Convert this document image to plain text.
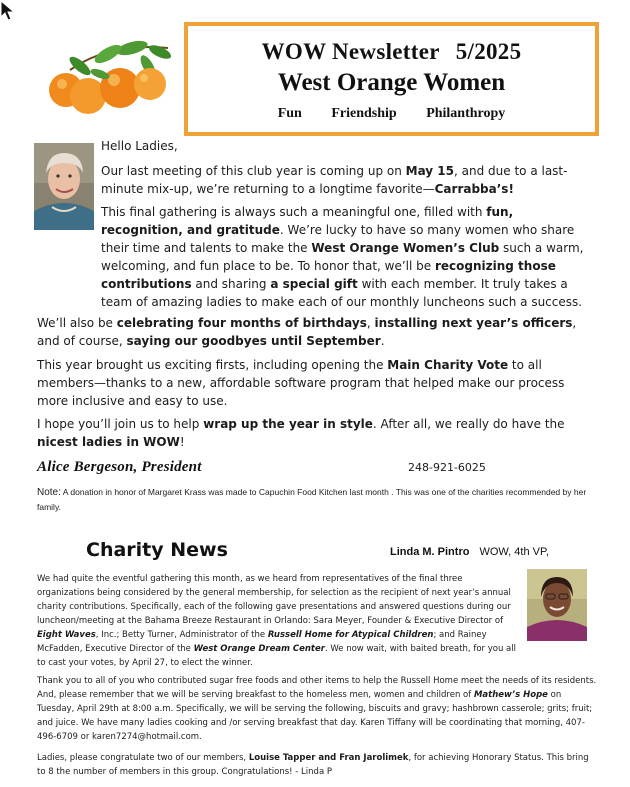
WOW Newsletter 5/2025
West Orange Women
Fun Friendship Philanthropy
Hello Ladies,
Our last meeting of this club year is coming up on May 15, and due to a last-minute mix-up, we’re returning to a longtime favorite—Carrabba’s!
This final gathering is always such a meaningful one, filled with fun, recognition, and gratitude. We’re lucky to have so many women who share their time and talents to make the West Orange Women’s Club such a warm, welcoming, and fun place to be. To honor that, we’ll be recognizing those contributions and sharing a special gift with each member. It truly takes a team of amazing ladies to make each of our monthly luncheons such a success.
We’ll also be celebrating four months of birthdays, installing next year’s officers, and of course, saying our goodbyes until September.
This year brought us exciting firsts, including opening the Main Charity Vote to all members—thanks to a new, affordable software program that helped make our process more inclusive and easy to use.
I hope you’ll join us to help wrap up the year in style. After all, we really do have the nicest ladies in WOW!
Alice Bergeson, President	248-921-6025
Note: A donation in honor of Margaret Krass was made to Capuchin Food Kitchen last month . This was one of the charities recommended by her family.
Charity News	Linda M. Pintro WOW, 4th VP,
We had quite the eventful gathering this month, as we heard from representatives of the final three organizations being considered by the general membership, for selection as the recipient of next year’s annual charity contributions. Specifically, each of the following gave presentations and answered questions during our luncheon/meeting at the Bahama Breeze Restaurant in Orlando: Sara Meyer, Founder & Executive Director of Eight Waves, Inc.; Betty Turner, Administrator of the Russell Home for Atypical Children; and Rainey McFadden, Executive Director of the West Orange Dream Center. We now wait, with baited breath, for you all to cast your votes, by April 27, to elect the winner.
Thank you to all of you who contributed sugar free foods and other items to help the Russell Home meet the needs of its residents. And, please remember that we will be serving breakfast to the homeless men, women and children of Mathew’s Hope on Tuesday, April 29th at 8:00 a.m. Specifically, we will be serving the following, biscuits and gravy; hashbrown casserole; grits; fruit; and juice. We have many ladies cooking and /or serving breakfast that day. Karen Tiffany will be coordinating that morning, 407-496-6709 or karen7274@hotmail.com.
Ladies, please congratulate two of our members, Louise Tapper and Fran Jarolimek, for achieving Honorary Status. This bring to 8 the number of members in this group. Congratulations! - Linda P
